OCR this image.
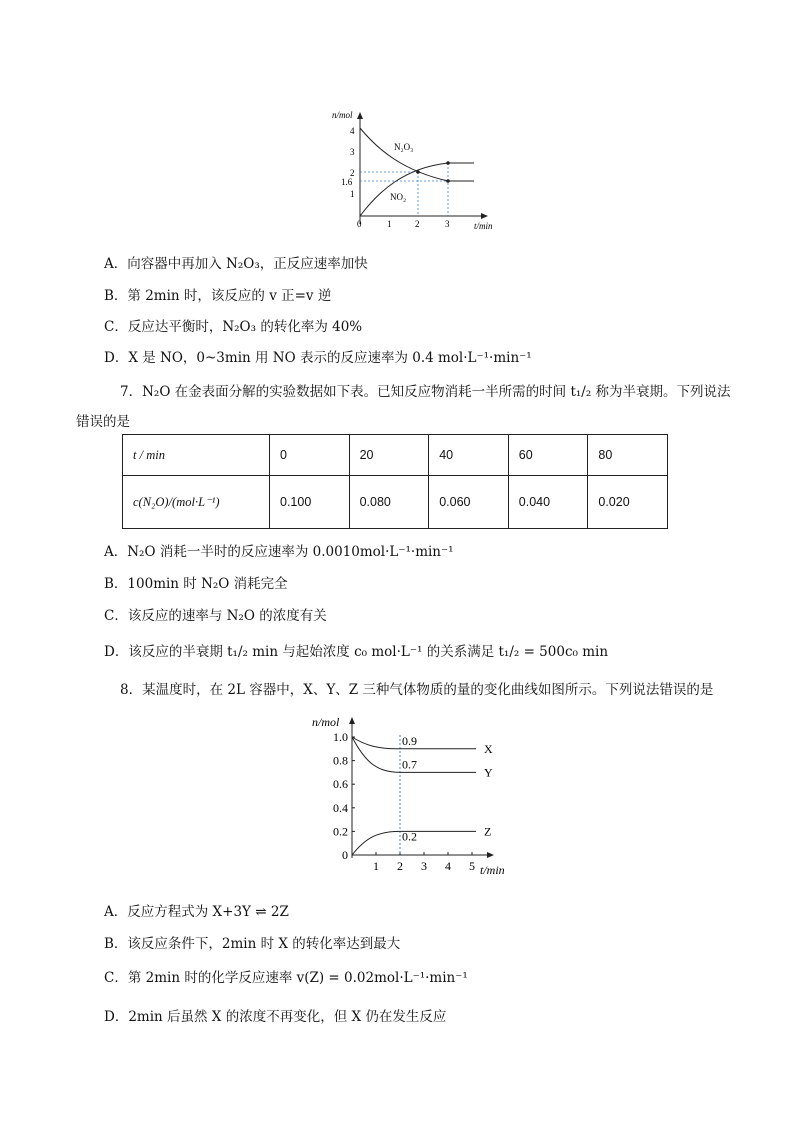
n/mol
t/min
4
3
2
1.6
1
0	1	2	3
N₂O₃
NO₂
A．向容器中再加入 N₂O₃，正反应速率加快
B．第 2min 时，该反应的 v 正=v 逆
C．反应达平衡时，N₂O₃ 的转化率为 40%
D．X 是 NO，0~3min 用 NO 表示的反应速率为 0.4 mol·L⁻¹·min⁻¹
7．N₂O 在金表面分解的实验数据如下表。已知反应物消耗一半所需的时间 t₁/₂ 称为半衰期。下列说法
错误的是
t / min	0	20	40	60	80
c(N₂O)/(mol·L⁻¹)	0.100	0.080	0.060	0.040	0.020
A．N₂O 消耗一半时的反应速率为 0.0010mol·L⁻¹·min⁻¹
B．100min 时 N₂O 消耗完全
C．该反应的速率与 N₂O 的浓度有关
D．该反应的半衰期 t₁/₂ min 与起始浓度 c₀ mol·L⁻¹ 的关系满足 t₁/₂ = 500c₀ min
8．某温度时，在 2L 容器中，X、Y、Z 三种气体物质的量的变化曲线如图所示。下列说法错误的是
n/mol
t/min
1.0
0.8
0.6
0.4
0.2
0
1 2 3 4 5
0.9
X
0.7
Y
0.2	Z
A．反应方程式为 X+3Y ⇌ 2Z
B．该反应条件下，2min 时 X 的转化率达到最大
C．第 2min 时的化学反应速率 v(Z) = 0.02mol·L⁻¹·min⁻¹
D．2min 后虽然 X 的浓度不再变化，但 X 仍在发生反应
